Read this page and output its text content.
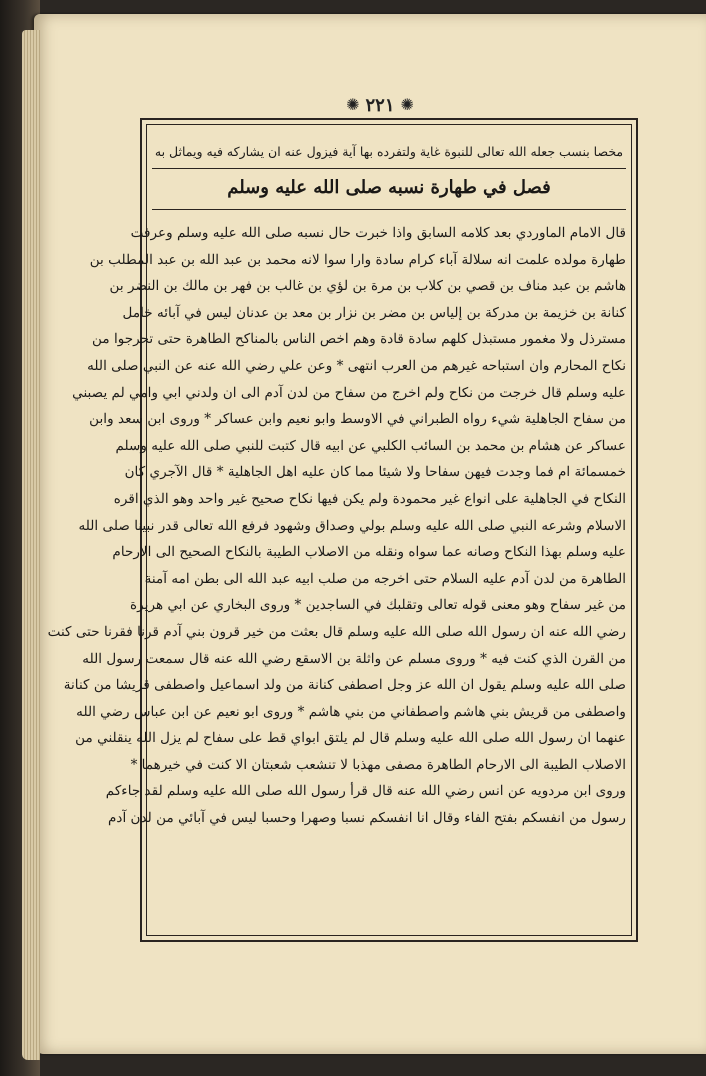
✺ ٢٢١ ✺
مخصا بنسب جعله الله تعالى للنبوة غاية ولتفرده بها آية فيزول عنه ان يشاركه فيه ويماثل به
فصل في طهارة نسبه صلى الله عليه وسلم
قال الامام الماوردي بعد كلامه السابق واذا خبرت حال نسبه صلى الله عليه وسلم وعرفت
طهارة مولده علمت انه سلالة آباء كرام سادة وارا سوا لانه محمد بن عبد الله بن عبد المطلب بن
هاشم بن عبد مناف بن قصي بن كلاب بن مرة بن لؤي بن غالب بن فهر بن مالك بن النضر بن
كنانة بن خزيمة بن مدركة بن إلياس بن مضر بن نزار بن معد بن عدنان ليس في آبائه خامل
مسترذل ولا مغمور مستبذل كلهم سادة قادة وهم اخص الناس بالمناكح الطاهرة حتى تحرجوا من
نكاح المحارم وان استباحه غيرهم من العرب انتهى * وعن علي رضي الله عنه عن النبي صلى الله
عليه وسلم قال خرجت من نكاح ولم اخرج من سفاح من لدن آدم الى ان ولدني ابي وامي لم يصبني
من سفاح الجاهلية شيء رواه الطبراني في الاوسط وابو نعيم وابن عساكر * وروى ابن سعد وابن
عساكر عن هشام بن محمد بن السائب الكلبي عن ابيه قال كتبت للنبي صلى الله عليه وسلم
خمسمائة ام فما وجدت فيهن سفاحا ولا شيئا مما كان عليه اهل الجاهلية * قال الآجري كان
النكاح في الجاهلية على انواع غير محمودة ولم يكن فيها نكاح صحيح غير واحد وهو الذي اقره
الاسلام وشرعه النبي صلى الله عليه وسلم بولي وصداق وشهود فرفع الله تعالى قدر نبينا صلى الله
عليه وسلم بهذا النكاح وصانه عما سواه ونقله من الاصلاب الطيبة بالنكاح الصحيح الى الارحام
الطاهرة من لدن آدم عليه السلام حتى اخرجه من صلب ابيه عبد الله الى بطن امه آمنة
من غير سفاح وهو معنى قوله تعالى وتقلبك في الساجدين * وروى البخاري عن ابي هريرة
رضي الله عنه ان رسول الله صلى الله عليه وسلم قال بعثت من خير قرون بني آدم قرنا فقرنا حتى كنت
من القرن الذي كنت فيه * وروى مسلم عن واثلة بن الاسقع رضي الله عنه قال سمعت رسول الله
صلى الله عليه وسلم يقول ان الله عز وجل اصطفى كنانة من ولد اسماعيل واصطفى قريشا من كنانة
واصطفى من قريش بني هاشم واصطفاني من بني هاشم * وروى ابو نعيم عن ابن عباس رضي الله
عنهما ان رسول الله صلى الله عليه وسلم قال لم يلتق ابواي قط على سفاح لم يزل الله ينقلني من
الاصلاب الطيبة الى الارحام الطاهرة مصفى مهذبا لا تنشعب شعبتان الا كنت في خيرهما *
وروى ابن مردويه عن انس رضي الله عنه قال قرأ رسول الله صلى الله عليه وسلم لقد جاءكم
رسول من انفسكم بفتح الفاء وقال انا انفسكم نسبا وصهرا وحسبا ليس في آبائي من لدن آدم
